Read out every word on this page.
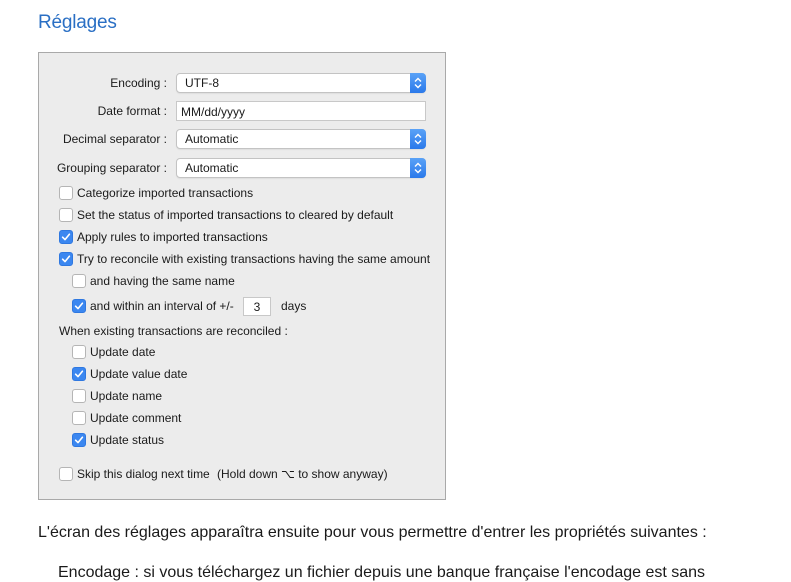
Réglages
Encoding : UTF-8
Date format : MM/dd/yyyy
Decimal separator : Automatic
Grouping separator : Automatic
Categorize imported transactions
Set the status of imported transactions to cleared by default
Apply rules to imported transactions
Try to reconcile with existing transactions having the same amount
and having the same name
and within an interval of +/-	3	days
When existing transactions are reconciled :
Update date
Update value date
Update name
Update comment
Update status
Skip this dialog next time (Hold down ⌥ to show anyway)
L'écran des réglages apparaîtra ensuite pour vous permettre d'entrer les propriétés suivantes :
Encodage : si vous téléchargez un fichier depuis une banque française l'encodage est sans
